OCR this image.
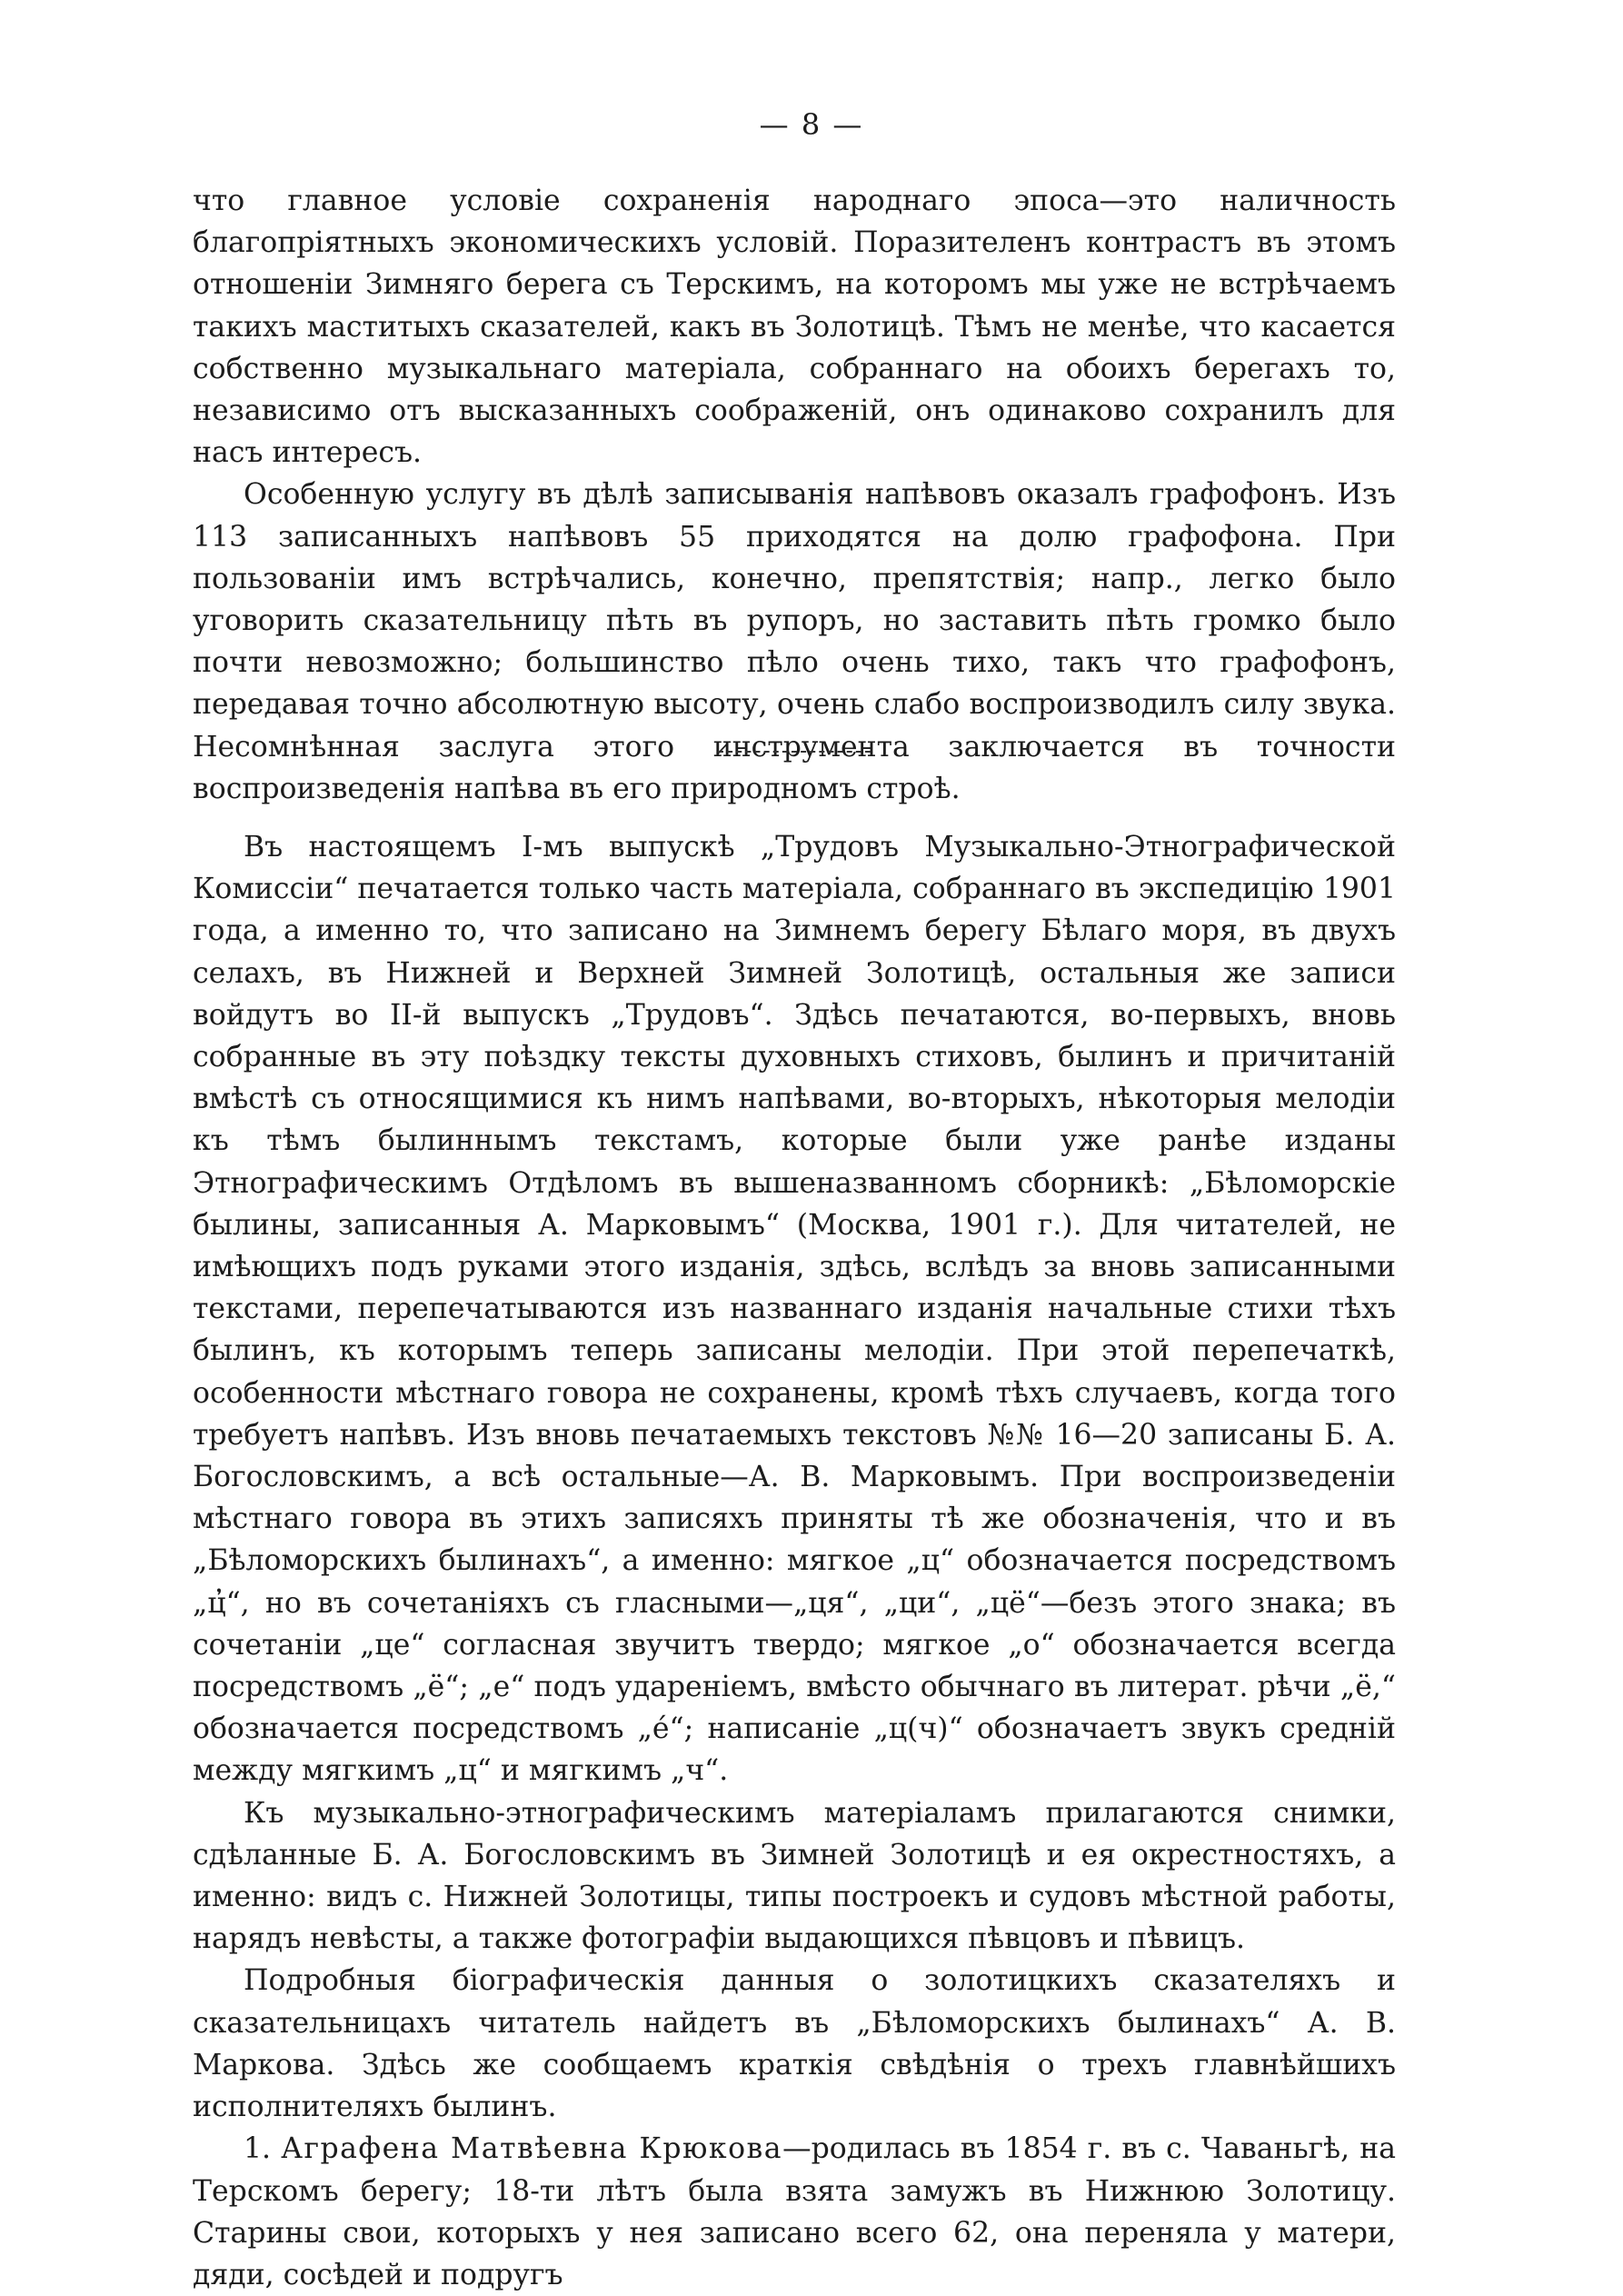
— 8 —

что главное условіе сохраненія народнаго эпоса—это наличность благопріятныхъ экономическихъ условій. Поразителенъ контрастъ въ этомъ отношеніи Зимняго берега съ Терскимъ, на которомъ мы уже не встрѣчаемъ такихъ маститыхъ сказателей, какъ въ Золотицѣ. Тѣмъ не менѣе, что касается собственно музыкальнаго матеріала, собраннаго на обоихъ берегахъ то, независимо отъ высказанныхъ соображеній, онъ одинаково сохранилъ для насъ интересъ.

Особенную услугу въ дѣлѣ записыванія напѣвовъ оказалъ графофонъ. Изъ 113 записанныхъ напѣвовъ 55 приходятся на долю графофона. При пользованіи имъ встрѣчались, конечно, препятствія; напр., легко было уговорить сказательницу пѣть въ рупоръ, но заставить пѣть громко было почти невозможно; большинство пѣло очень тихо, такъ что графофонъ, передавая точно абсолютную высоту, очень слабо воспроизводилъ силу звука. Несомнѣнная заслуга этого инструмента заключается въ точности воспроизведенія напѣва въ его природномъ строѣ.

Въ настоящемъ I-мъ выпускѣ „Трудовъ Музыкально-Этнографической Комиссіи“ печатается только часть матеріала, собраннаго въ экспедицію 1901 года, а именно то, что записано на Зимнемъ берегу Бѣлаго моря, въ двухъ селахъ, въ Нижней и Верхней Зимней Золотицѣ, остальныя же записи войдутъ во II-й выпускъ „Трудовъ“. Здѣсь печатаются, во-первыхъ, вновь собранные въ эту поѣздку тексты духовныхъ стиховъ, былинъ и причитаній вмѣстѣ съ относящимися къ нимъ напѣвами, во-вторыхъ, нѣкоторыя мелодіи къ тѣмъ былиннымъ текстамъ, которые были уже ранѣе изданы Этнографическимъ Отдѣломъ въ вышеназванномъ сборникѣ: „Бѣломорскіе былины, записанныя А. Марковымъ“ (Москва, 1901 г.). Для читателей, не имѣющихъ подъ руками этого изданія, здѣсь, вслѣдъ за вновь записанными текстами, перепечатываются изъ названнаго изданія начальные стихи тѣхъ былинъ, къ которымъ теперь записаны мелодіи. При этой перепечаткѣ, особенности мѣстнаго говора не сохранены, кромѣ тѣхъ случаевъ, когда того требуетъ напѣвъ. Изъ вновь печатаемыхъ текстовъ №№ 16—20 записаны Б. А. Богословскимъ, а всѣ остальные—А. В. Марковымъ. При воспроизведеніи мѣстнаго говора въ этихъ записяхъ приняты тѣ же обозначенія, что и въ „Бѣломорскихъ былинахъ“, а именно: мягкое „ц“ обозначается посредствомъ „ц̓“, но въ сочетаніяхъ съ гласными—„ця“, „ци“, „цё“—безъ этого знака; въ сочетаніи „це“ согласная звучитъ твердо; мягкое „о“ обозначается всегда посредствомъ „ё“; „е“ подъ удареніемъ, вмѣсто обычнаго въ литерат. рѣчи „ё,“ обозначается посредствомъ „е́“; написаніе „ц(ч)“ обозначаетъ звукъ средній между мягкимъ „ц“ и мягкимъ „ч“.

Къ музыкально-этнографическимъ матеріаламъ прилагаются снимки, сдѣланные Б. А. Богословскимъ въ Зимней Золотицѣ и ея окрестностяхъ, а именно: видъ с. Нижней Золотицы, типы построекъ и судовъ мѣстной работы, нарядъ невѣсты, а также фотографіи выдающихся пѣвцовъ и пѣвицъ.

Подробныя біографическія данныя о золотицкихъ сказателяхъ и сказательницахъ читатель найдетъ въ „Бѣломорскихъ былинахъ“ А. В. Маркова. Здѣсь же сообщаемъ краткія свѣдѣнія о трехъ главнѣйшихъ исполнителяхъ былинъ.

1. Аграфена Матвѣевна Крюкова—родилась въ 1854 г. въ с. Чаваньгѣ, на Терскомъ берегу; 18-ти лѣтъ была взята замужъ въ Нижнюю Золотицу. Старины свои, которыхъ у нея записано всего 62, она переняла у матери, дяди, сосѣдей и подругъ
